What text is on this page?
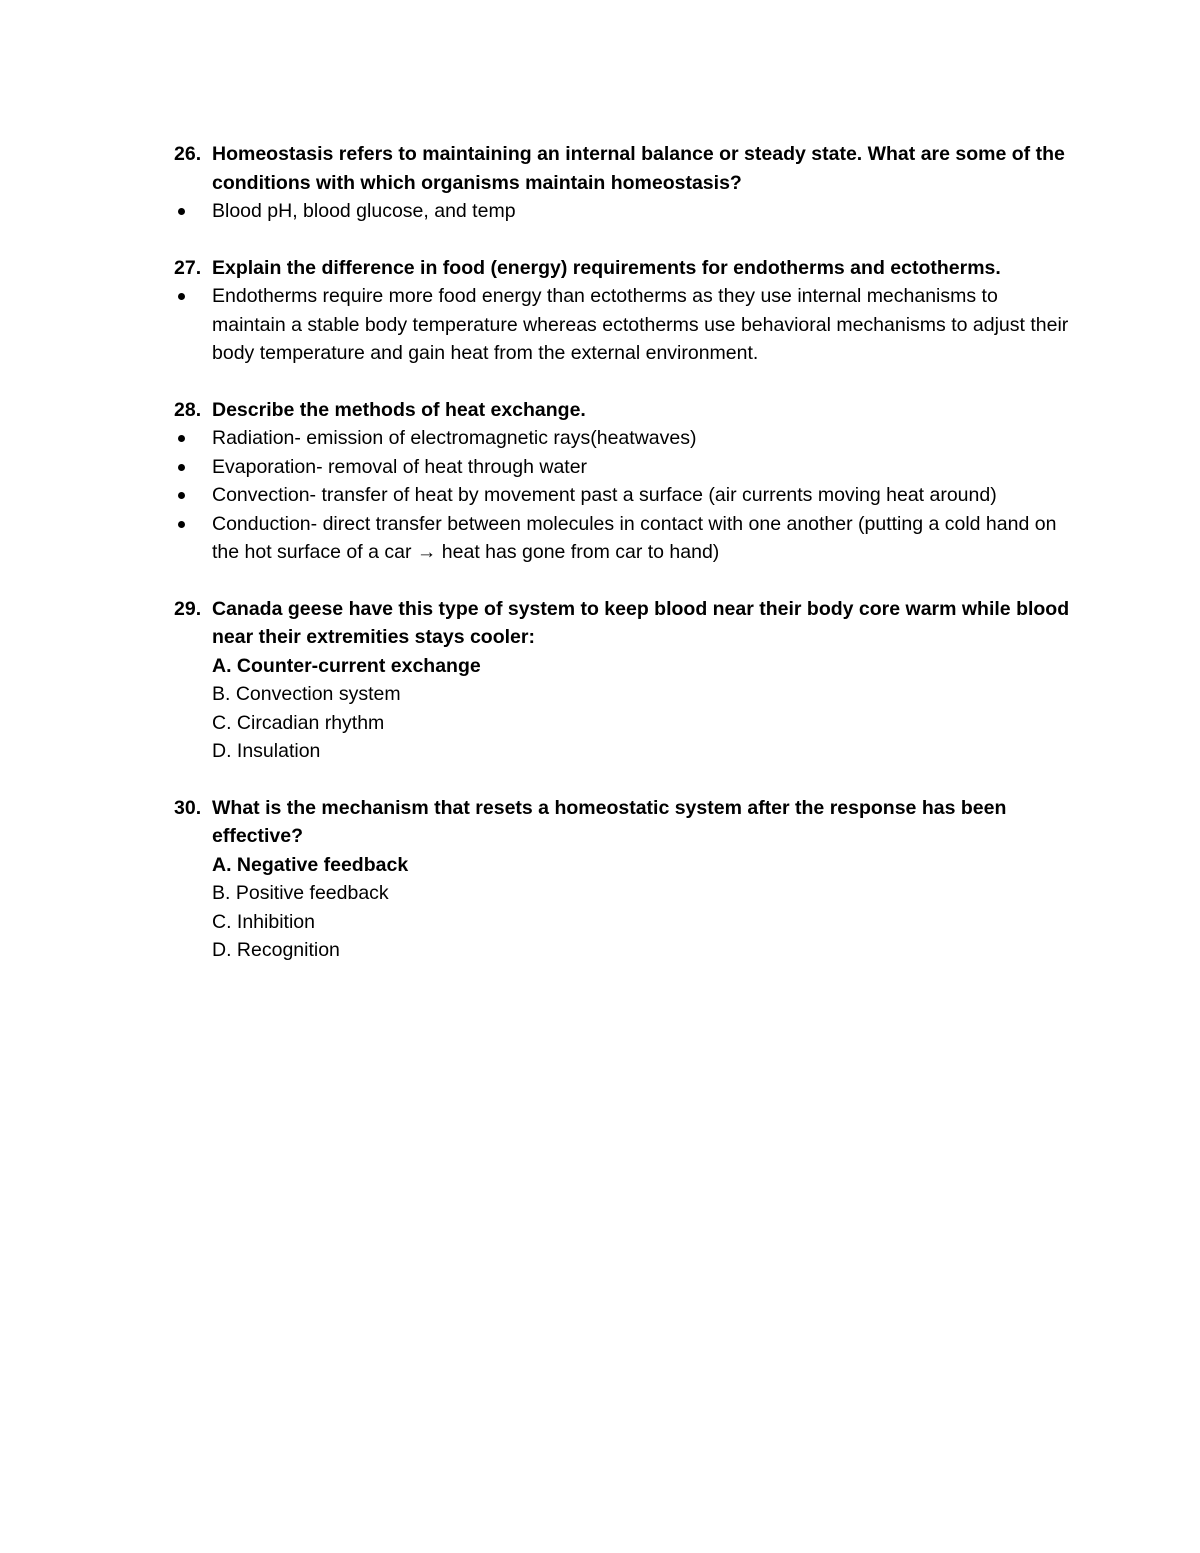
26. Homeostasis refers to maintaining an internal balance or steady state. What are some of the conditions with which organisms maintain homeostasis?
Blood pH, blood glucose, and temp
27. Explain the difference in food (energy) requirements for endotherms and ectotherms.
Endotherms require more food energy than ectotherms as they use internal mechanisms to maintain a stable body temperature whereas ectotherms use behavioral mechanisms to adjust their body temperature and gain heat from the external environment.
28. Describe the methods of heat exchange.
Radiation- emission of electromagnetic rays(heatwaves)
Evaporation- removal of heat through water
Convection- transfer of heat by movement past a surface (air currents moving heat around)
Conduction- direct transfer between molecules in contact with one another (putting a cold hand on the hot surface of a car → heat has gone from car to hand)
29. Canada geese have this type of system to keep blood near their body core warm while blood near their extremities stays cooler:
A. Counter-current exchange
B. Convection system
C. Circadian rhythm
D. Insulation
30. What is the mechanism that resets a homeostatic system after the response has been effective?
A. Negative feedback
B. Positive feedback
C. Inhibition
D. Recognition
